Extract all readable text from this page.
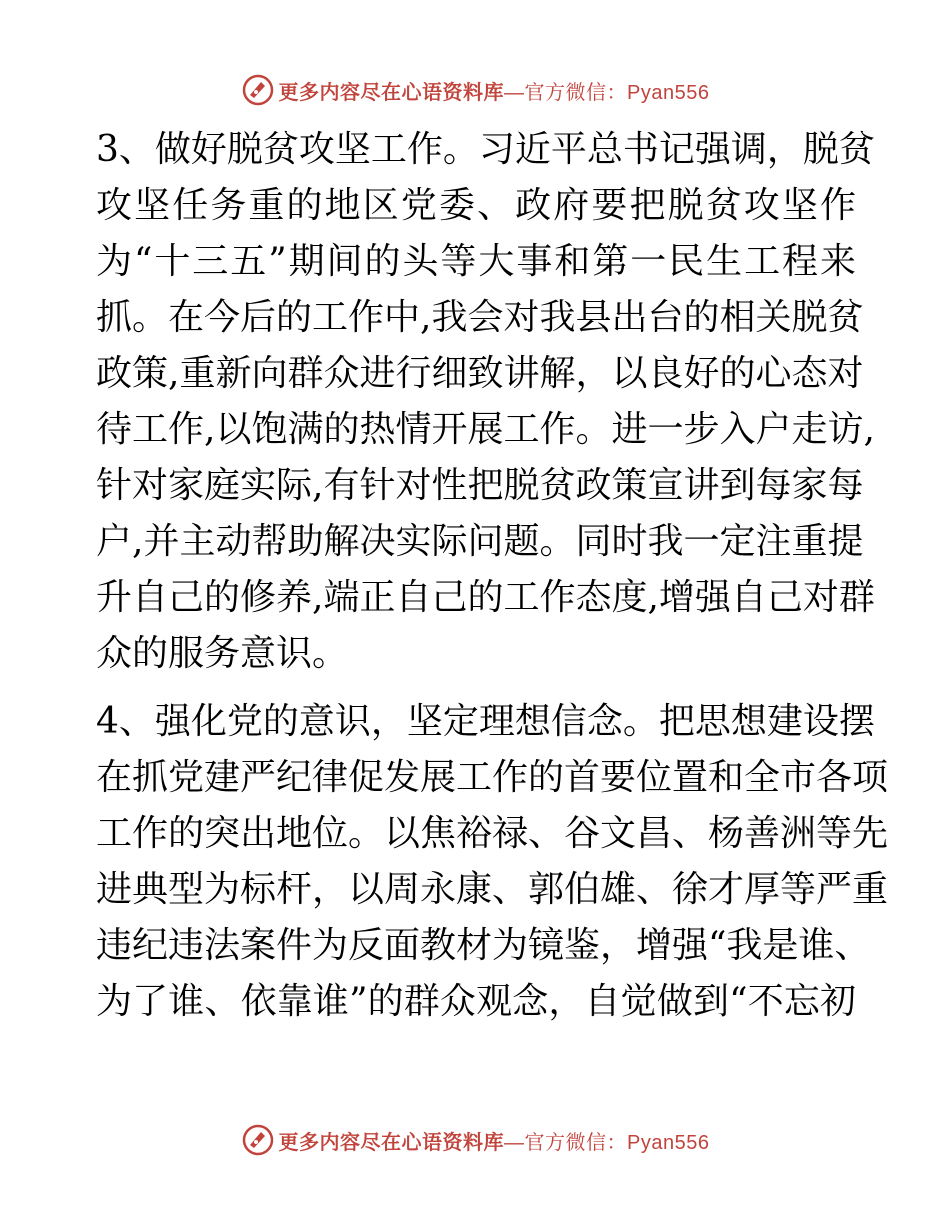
更多内容尽在心语资料库—官方微信：Pyan556

3、做好脱贫攻坚工作。习近平总书记强调，脱贫
攻坚任务重的地区党委、政府要把脱贫攻坚作
为“十三五”期间的头等大事和第一民生工程来
抓。在今后的工作中,我会对我县出台的相关脱贫
政策,重新向群众进行细致讲解，以良好的心态对
待工作,以饱满的热情开展工作。进一步入户走访,
针对家庭实际,有针对性把脱贫政策宣讲到每家每
户,并主动帮助解决实际问题。同时我一定注重提
升自己的修养,端正自己的工作态度,增强自己对群
众的服务意识。

4、强化党的意识，坚定理想信念。把思想建设摆
在抓党建严纪律促发展工作的首要位置和全市各项
工作的突出地位。以焦裕禄、谷文昌、杨善洲等先
进典型为标杆，以周永康、郭伯雄、徐才厚等严重
违纪违法案件为反面教材为镜鉴，增强“我是谁、
为了谁、依靠谁”的群众观念，自觉做到“不忘初

更多内容尽在心语资料库—官方微信：Pyan556
